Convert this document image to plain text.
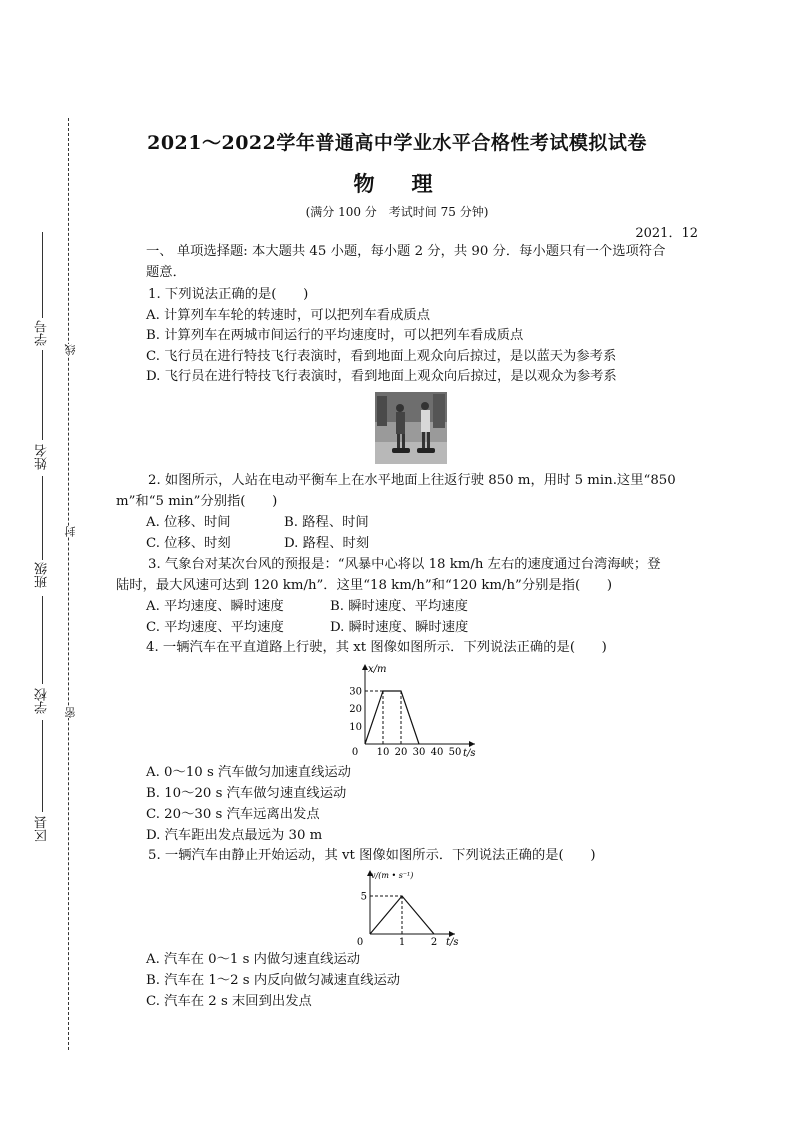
2021～2022学年普通高中学业水平合格性考试模拟试卷
物　理
(满分 100 分　考试时间 75 分钟)
2021．12
学号
姓名
班级
学校
区县
线
封
密
一、 单项选择题: 本大题共 45 小题，每小题 2 分，共 90 分．每小题只有一个选项符合
题意．
1. 下列说法正确的是(　　)
A. 计算列车车轮的转速时，可以把列车看成质点
B. 计算列车在两城市间运行的平均速度时，可以把列车看成质点
C. 飞行员在进行特技飞行表演时，看到地面上观众向后掠过，是以蓝天为参考系
D. 飞行员在进行特技飞行表演时，看到地面上观众向后掠过，是以观众为参考系
2. 如图所示，人站在电动平衡车上在水平地面上往返行驶 850 m，用时 5 min.这里“850
m”和“5 min”分别指(　　)
A. 位移、时间	B. 路程、时间
C. 位移、时刻	D. 路程、时刻
3. 气象台对某次台风的预报是：“风暴中心将以 18 km/h 左右的速度通过台湾海峡；登
陆时，最大风速可达到 120 km/h”．这里“18 km/h”和“120 km/h”分别是指(　　)
A. 平均速度、瞬时速度	B. 瞬时速度、平均速度
C. 平均速度、平均速度	D. 瞬时速度、瞬时速度
4. 一辆汽车在平直道路上行驶，其 xt 图像如图所示．下列说法正确的是(　　)
x/m
t/s
0 10 20 30 40 50
10
20
30
A. 0～10 s 汽车做匀加速直线运动
B. 10～20 s 汽车做匀速直线运动
C. 20～30 s 汽车远离出发点
D. 汽车距出发点最远为 30 m
5. 一辆汽车由静止开始运动，其 vt 图像如图所示．下列说法正确的是(　　)
v/(m • s⁻¹)
t/s
0	1	2
5
A. 汽车在 0～1 s 内做匀速直线运动
B. 汽车在 1～2 s 内反向做匀减速直线运动
C. 汽车在 2 s 末回到出发点
